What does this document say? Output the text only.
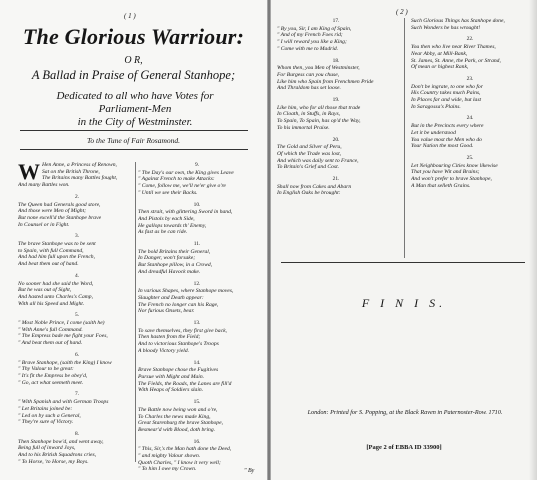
( 1 )
The Glorious Warriour:
O R,
A Ballad in Praise of General Stanhope;
Dedicated to all who have Votes for Parliament-Men
in the City of Westminster.
To the Tune of Fair Rosamond.
W Hen Anne, a Princess of Renown,
Sat on the British Throne,
The Britains many Battles fought,
And many Battles won.
2.
The Queen had Generals good store,
And those were Men of Might;
But none excell'd the Stanhope brave
In Counsel or in Fight.
3.
The brave Stanhope was to be sent
to Spain, with full Command,
And had him full upon the French,
And beat them out of hand.
4.
No sooner had she said the Word,
But he was out of Sight,
And hasted unto Charles's Camp,
With all his Speed and Might.
5.
" Most Noble Prince, I come (saith he)
" With Anne's full Command.
" The Empress bade me fight your Foes,
" And beat them out of hand.
6.
" Brave Stanhope, (saith the King) I know
" Thy Valour to be great:
" It's fit the Empress be obey'd,
" Go, act what seemeth meet.
7.
" With Spanish and with German Troops
" Let Britains joined be:
" Led on by such a General,
" They're sure of Victory.
8.
Then Stanhope bow'd, and went away,
Being full of inward Joys,
And to his British Squadrons cries,
" To Horse, 'to Horse, my Boys.
9.
" The Day's our own, the King gives Leave
" Against French to make Attacks:
" Come, follow me, we'll ne'er give o're
" Until we see their Backs.
10.
Then strait, with glittering Sword in hand,
And Pistols by each Side,
He gallops towards th' Enemy,
As fast as he can ride.
11.
The bold Britains their General,
In Danger, won't forsake;
But Stanhope pillow, in a Crowd,
And dreadful Havock make.
12.
In various Shapes, where Stanhope moves,
Slaughter and Death appear:
The French no longer can his Rage,
Nor furious Onsets, bear.
13.
To save themselves, they first give back,
Then hasten from the Field;
And to victorious Stanhope's Troops
A bloody Victory yield.
14.
Brave Stanhope chose the Fugitives
Pursue with Might and Main.
The Fields, the Roads, the Lanes are fill'd
With Heaps of Soldiers slain.
15.
The Battle now being won and o're,
To Charles the news made King,
Great Starenburg the brave Stanhope,
Besmear'd with Blood, doth bring.
16.
" This, Sir,'s the Man hath done the Deed,
" and mighty Valour shown.
Quoth Charles, " I know it very well;
" To him I owe my Crown.	" By
( 2 )
17.
" By you, Sir, I am King of Spain,
" And of my French Foes rid;
" I will reward you like a King;
" Come with me to Madrid.
18.
Whom then, you Men of Westminster,
For Burgess can you chuse,
Like him who Spain from Frenchmen Pride
And Thraldom has set loose.
19.
Like him, who for all those that trade
In Cloath, in Stuffs, in Rays,
To Spain, To Spain, has op'd the Way,
To his immortal Praise.
20.
The Gold and Silver of Peru,
Of which the Trade was lost,
And which was daily sent to France,
To Britain's Grief and Cost.
21.
Shall now from Cakes and Abarn
In English Oaks be brought:
Such Glorious Things has Stanhope done,
Such Wonders he has wrought!
22.
You then who live near River Thames,
Near Abby, at Mill-Bank,
St. James, St. Anne, the Park, or Strand,
Of mean or highest Rank,
23.
Don't be ingrate, to one who for
His Country takes much Pains,
In Places far and wide, but last
In Saragossa's Plains.
24.
But in the Precincts every where
Let it be understood
You value most the Men who do
Your Nation the most Good.
25.
Let Neighbouring Cities know likewise
That you have Wit and Brains;
And won't prefer to brave Stanhope,
A Man that selleth Grains.
F I N I S.
London: Printed for S. Popping, at the Black Raven in Paternoster-Row. 1710.
[Page 2 of EBBA ID 33900]
